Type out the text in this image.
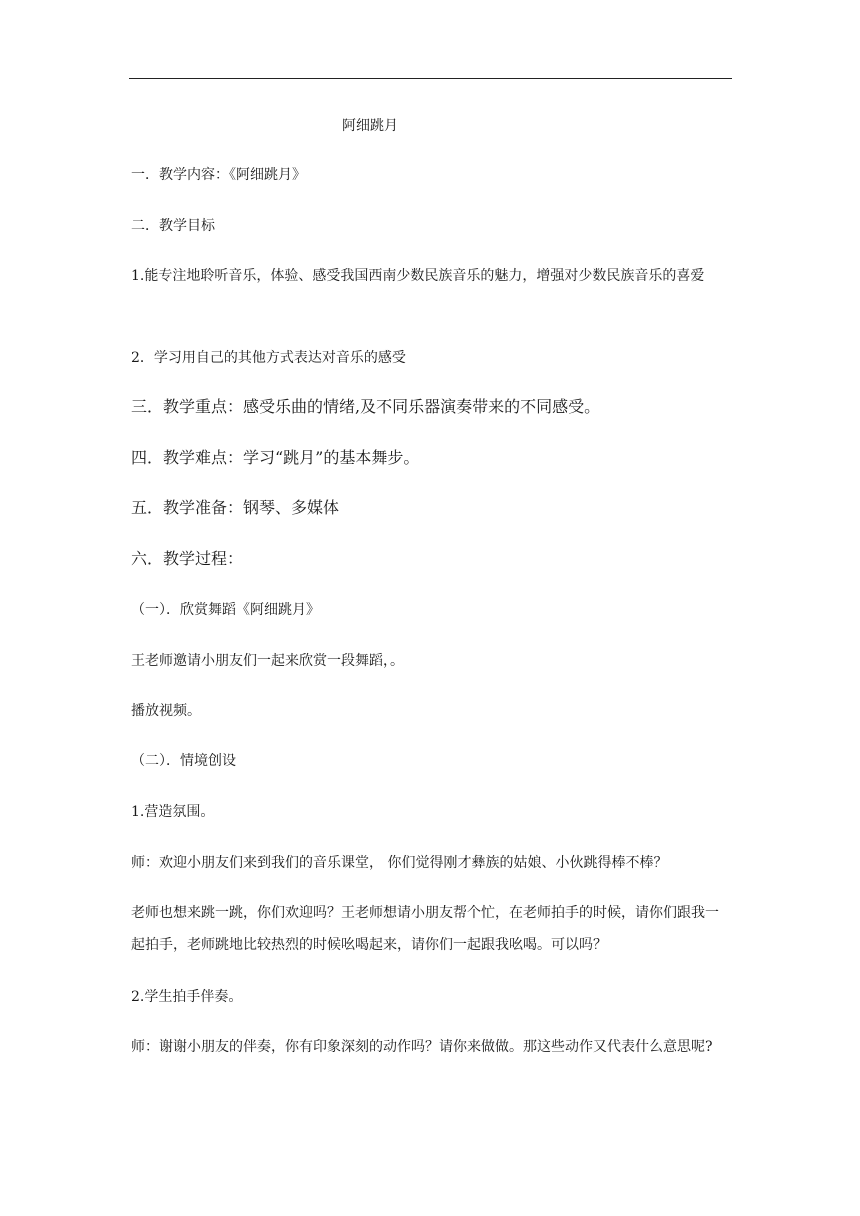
阿细跳月
一．教学内容：《阿细跳月》
二．教学目标
1.能专注地聆听音乐，体验、感受我国西南少数民族音乐的魅力，增强对少数民族音乐的喜爱
2．学习用自己的其他方式表达对音乐的感受
三．教学重点：感受乐曲的情绪,及不同乐器演奏带来的不同感受。
四．教学难点：学习“跳月”的基本舞步。
五．教学准备：钢琴、多媒体
六．教学过程：
（一）．欣赏舞蹈《阿细跳月》
王老师邀请小朋友们一起来欣赏一段舞蹈，。
播放视频。
（二）．情境创设
1.营造氛围。
师：欢迎小朋友们来到我们的音乐课堂， 你们觉得刚才彝族的姑娘、小伙跳得棒不棒？
老师也想来跳一跳，你们欢迎吗？王老师想请小朋友帮个忙，在老师拍手的时候，请你们跟我一起拍手，老师跳地比较热烈的时候吆喝起来，请你们一起跟我吆喝。可以吗？
2.学生拍手伴奏。
师：谢谢小朋友的伴奏，你有印象深刻的动作吗？请你来做做。那这些动作又代表什么意思呢?
